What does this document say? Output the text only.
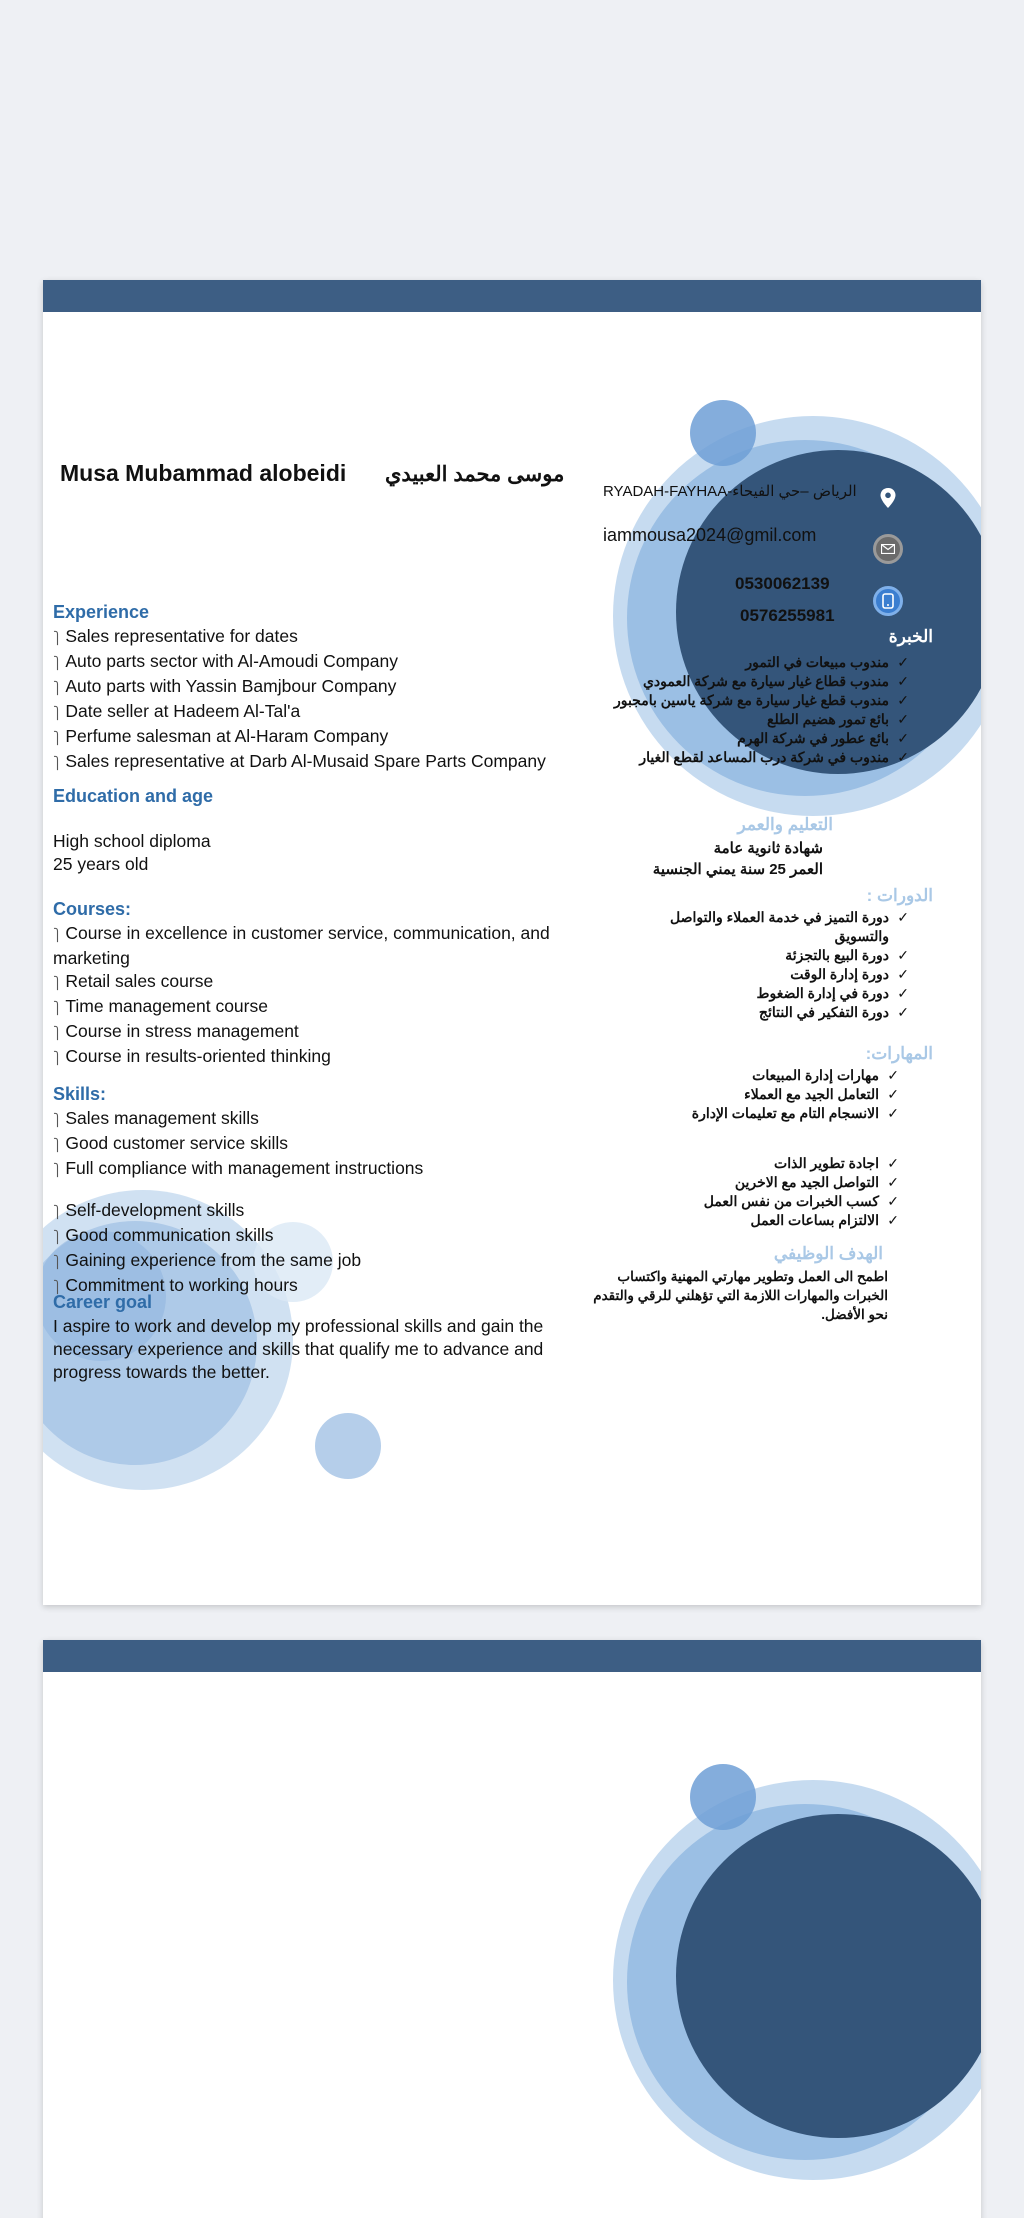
Musa Mubammad alobeidi موسى محمد العبيدي
RYADAH-FAYHAA-الرياض –حي الفيحاء
iammousa2024@gmil.com
0530062139
0576255981
Experience
⎫ Sales representative for dates
⎫ Auto parts sector with Al-Amoudi Company
⎫ Auto parts with Yassin Bamjbour Company
⎫ Date seller at Hadeem Al-Tal'a
⎫ Perfume salesman at Al-Haram Company
⎫ Sales representative at Darb Al-Musaid Spare Parts Company
Education and age
High school diploma
25 years old
Courses:
⎫ Course in excellence in customer service, communication, and marketing
⎫ Retail sales course
⎫ Time management course
⎫ Course in stress management
⎫ Course in results-oriented thinking
Skills:
⎫ Sales management skills
⎫ Good customer service skills
⎫ Full compliance with management instructions
⎫ Self-development skills
⎫ Good communication skills
⎫ Gaining experience from the same job
⎫ Commitment to working hours
Career goal
I aspire to work and develop my professional skills and gain the necessary experience and skills that qualify me to advance and progress towards the better.
الخبرة
✓ مندوب مبيعات في التمور
✓ مندوب قطاع غيار سيارة مع شركة العمودي
✓ مندوب قطع غيار سيارة مع شركة ياسين بامجبور
✓ بائع تمور هضيم الطلع
✓ بائع عطور في شركة الهرم
✓ مندوب في شركة درب المساعد لقطع الغيار
التعليم والعمر
شهادة ثانوية عامة
العمر 25 سنة يمني الجنسية
الدورات :
✓ دورة التميز في خدمة العملاء والتواصل والتسويق
✓ دورة البيع بالتجزئة
✓ دورة إدارة الوقت
✓ دورة في إدارة الضغوط
✓ دورة التفكير في النتائج
المهارات:
✓ مهارات إدارة المبيعات
✓ التعامل الجيد مع العملاء
✓ الانسجام التام مع تعليمات الإدارة
✓ اجادة تطوير الذات
✓ التواصل الجيد مع الاخرين
✓ كسب الخبرات من نفس العمل
✓ الالتزام بساعات العمل
الهدف الوظيفي
اطمح الى العمل وتطوير مهارتي المهنية واكتساب الخبرات والمهارات اللازمة التي تؤهلني للرقي والتقدم نحو الأفضل.
